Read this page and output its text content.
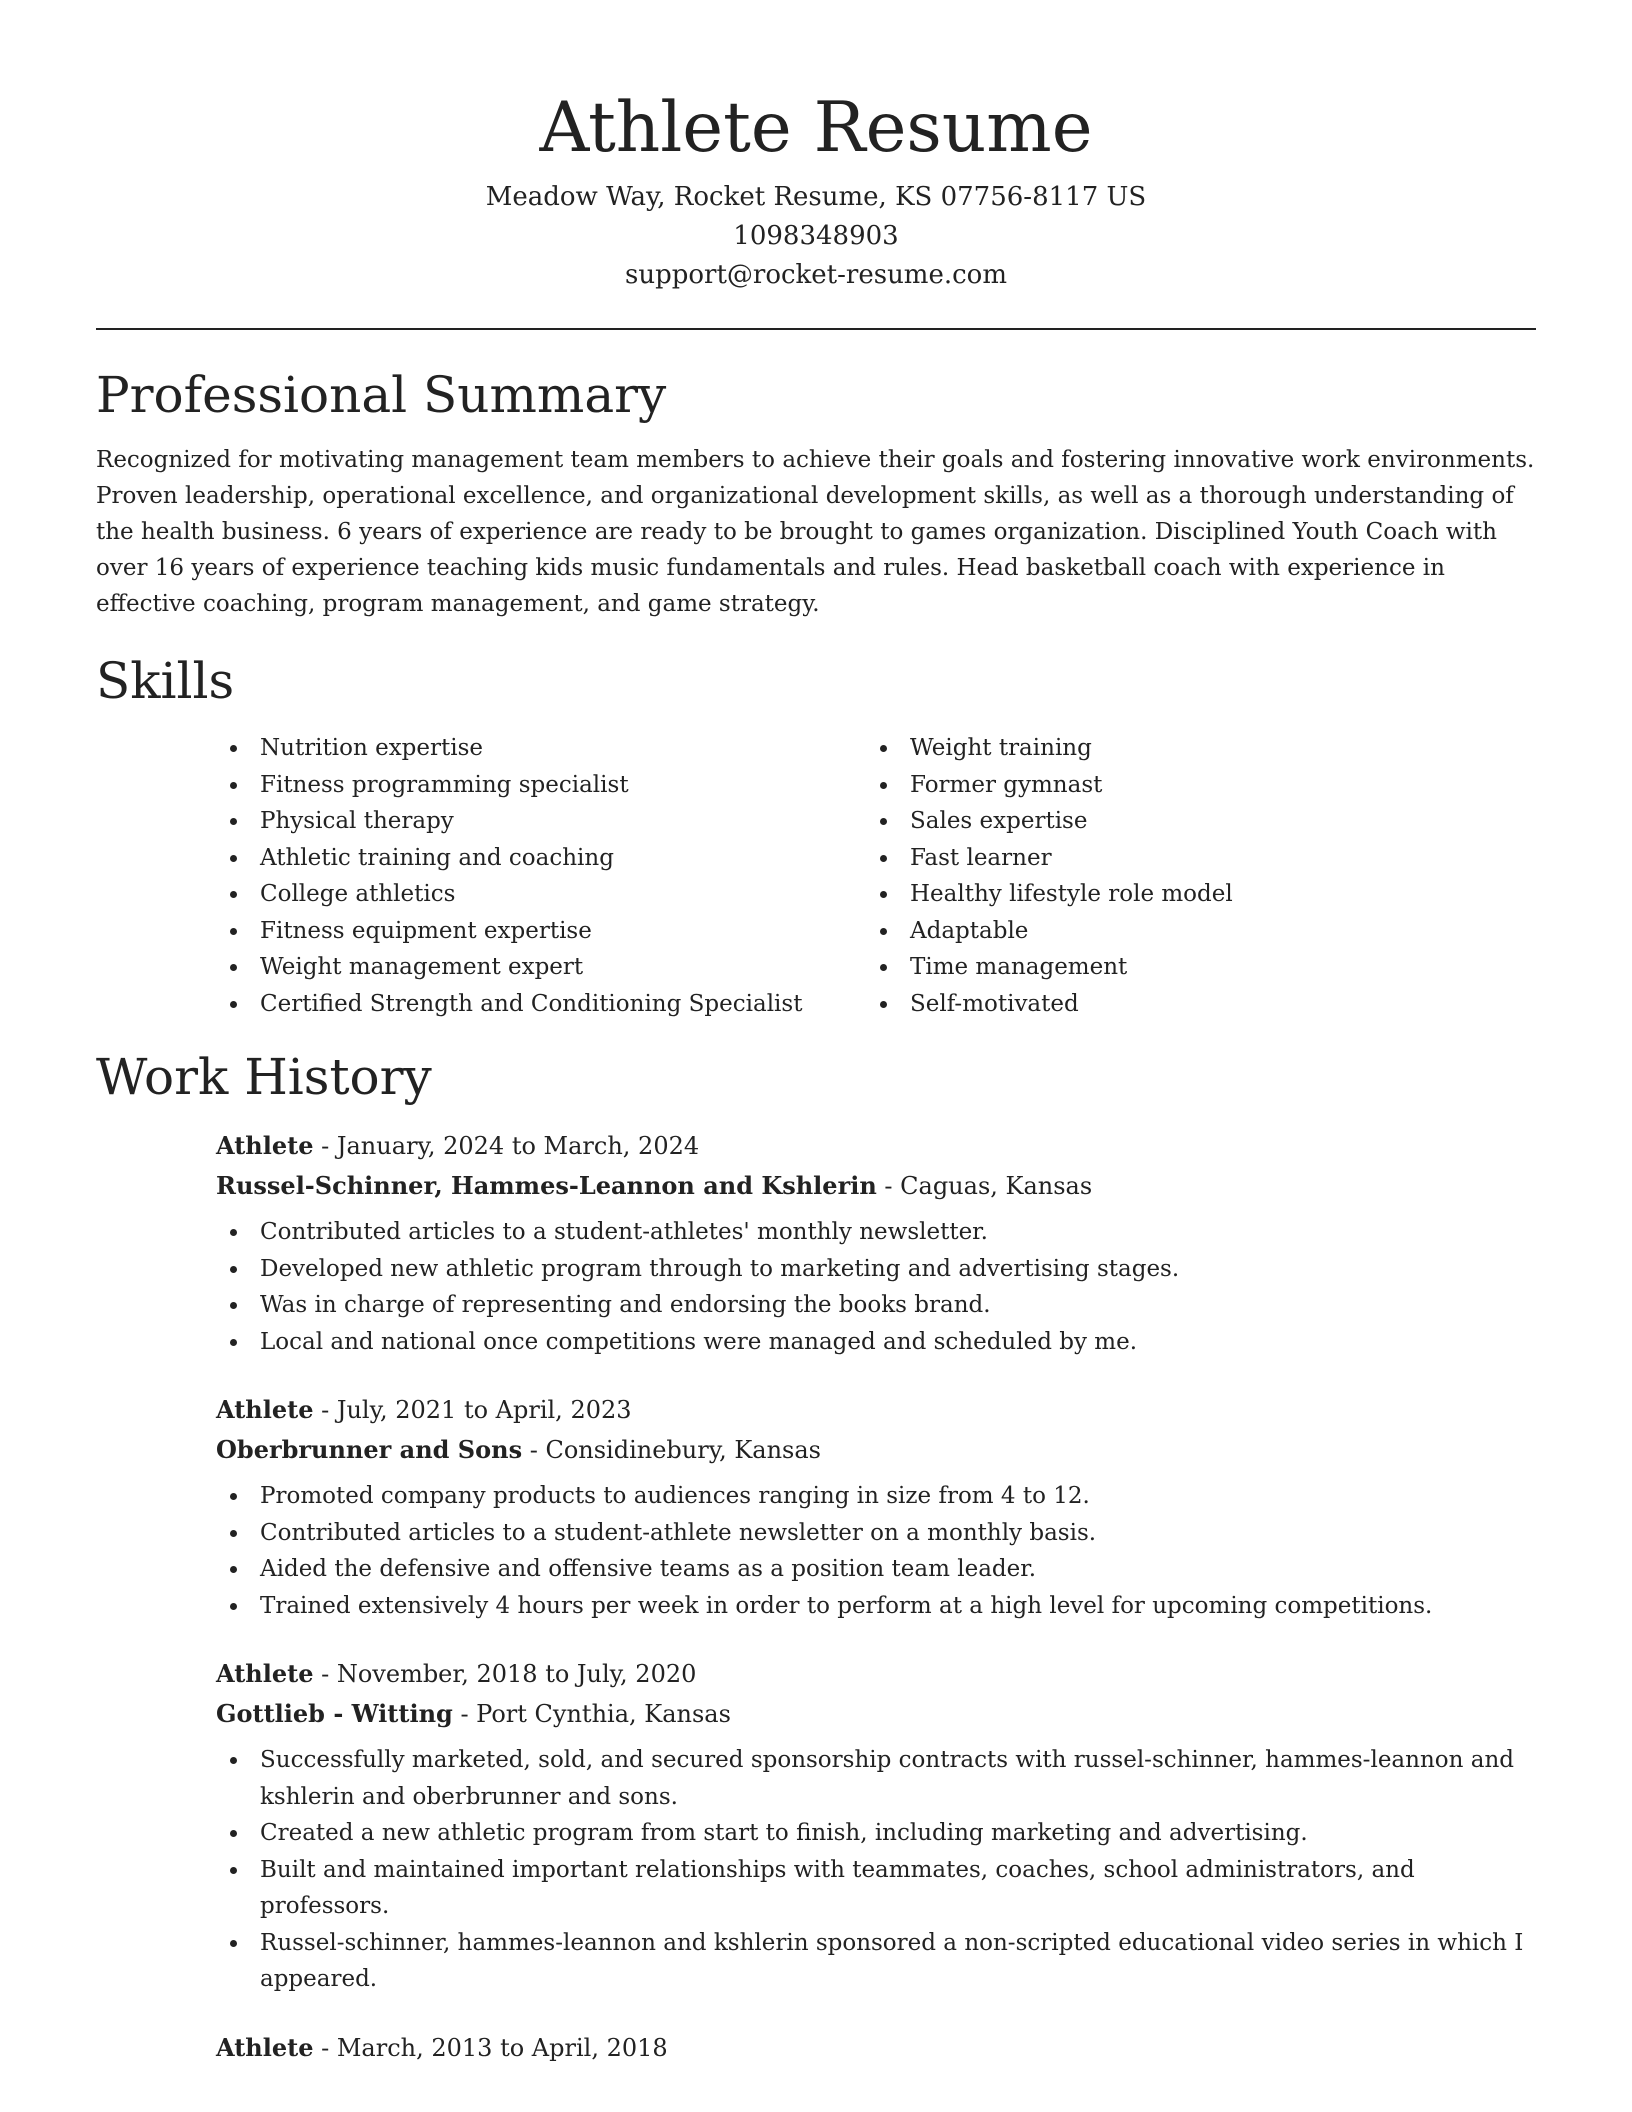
Athlete Resume
Meadow Way, Rocket Resume, KS 07756-8117 US
1098348903
support@rocket-resume.com
Professional Summary

Recognized for motivating management team members to achieve their goals and fostering innovative work environments. Proven leadership, operational excellence, and organizational development skills, as well as a thorough understanding of the health business. 6 years of experience are ready to be brought to games organization. Disciplined Youth Coach with over 16 years of experience teaching kids music fundamentals and rules. Head basketball coach with experience in effective coaching, program management, and game strategy.

Skills
Nutrition expertise
Fitness programming specialist
Physical therapy
Athletic training and coaching
College athletics
Fitness equipment expertise
Weight management expert
Certified Strength and Conditioning Specialist
Weight training
Former gymnast
Sales expertise
Fast learner
Healthy lifestyle role model
Adaptable
Time management
Self-motivated
Work History
Athlete - January, 2024 to March, 2024
Russel-Schinner, Hammes-Leannon and Kshlerin - Caguas, Kansas
Contributed articles to a student-athletes' monthly newsletter.
Developed new athletic program through to marketing and advertising stages.
Was in charge of representing and endorsing the books brand.
Local and national once competitions were managed and scheduled by me.
Athlete - July, 2021 to April, 2023
Oberbrunner and Sons - Considinebury, Kansas
Promoted company products to audiences ranging in size from 4 to 12.
Contributed articles to a student-athlete newsletter on a monthly basis.
Aided the defensive and offensive teams as a position team leader.
Trained extensively 4 hours per week in order to perform at a high level for upcoming competitions.
Athlete - November, 2018 to July, 2020
Gottlieb - Witting - Port Cynthia, Kansas
Successfully marketed, sold, and secured sponsorship contracts with russel-schinner, hammes-leannon and kshlerin and oberbrunner and sons.
Created a new athletic program from start to finish, including marketing and advertising.
Built and maintained important relationships with teammates, coaches, school administrators, and professors.
Russel-schinner, hammes-leannon and kshlerin sponsored a non-scripted educational video series in which I appeared.
Athlete - March, 2013 to April, 2018
